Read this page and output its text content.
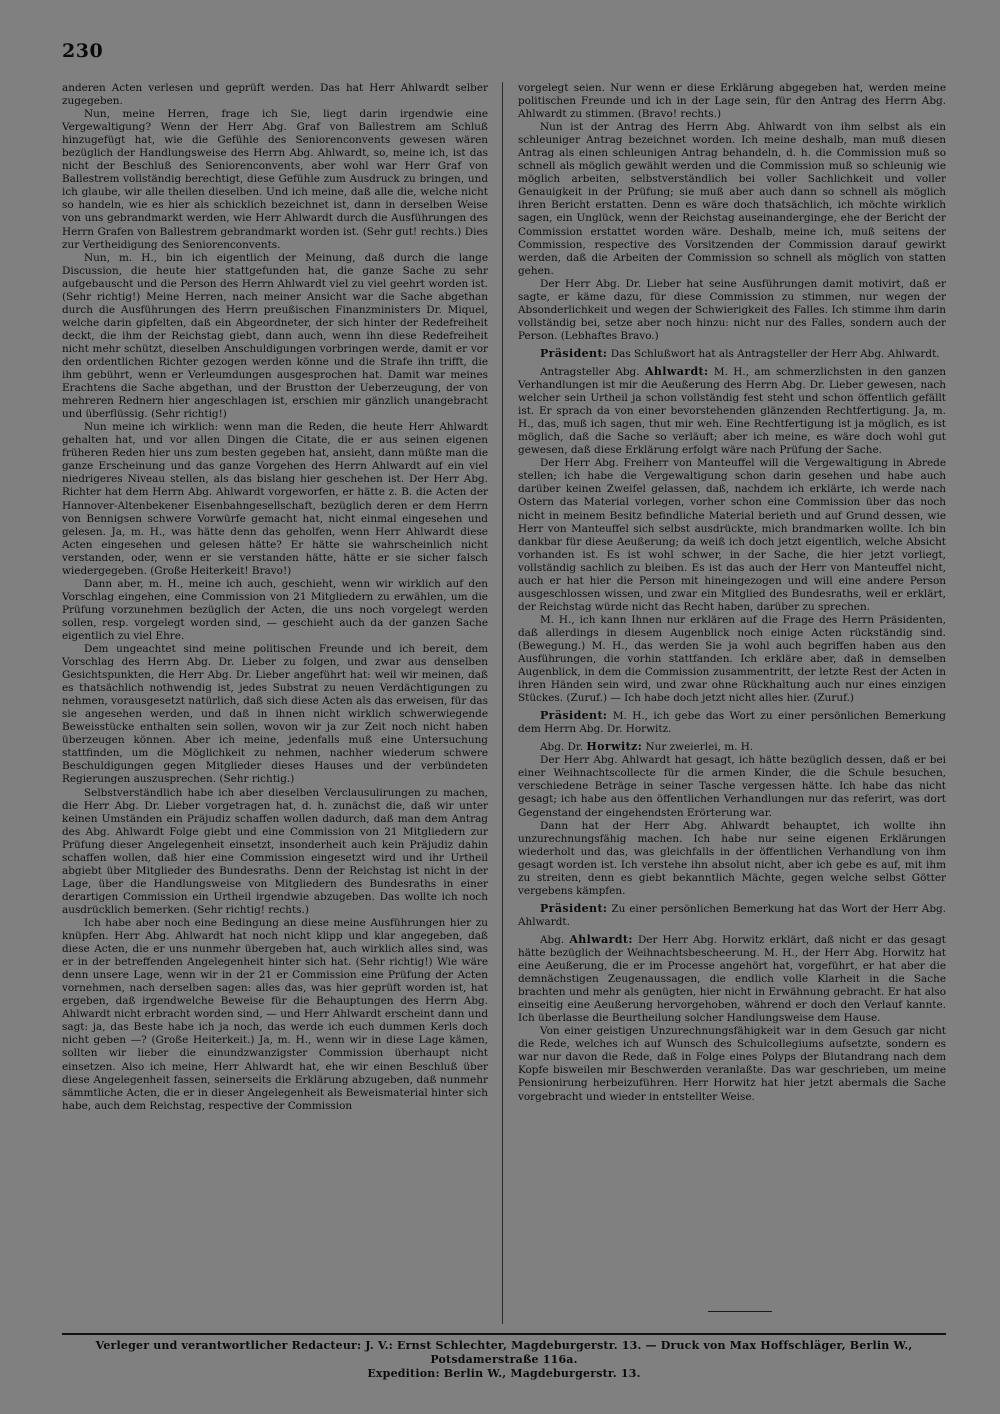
230

anderen Acten verlesen und geprüft werden. Das hat Herr Ahlwardt selber zugegeben.

Nun, meine Herren, frage ich Sie, liegt darin irgendwie eine Vergewaltigung? Wenn der Herr Abg. Graf von Ballestrem am Schluß hinzugefügt hat, wie die Gefühle des Seniorenconvents gewesen wären bezüglich der Handlungsweise des Herrn Abg. Ahlwardt, so, meine ich, ist das nicht der Beschluß des Seniorenconvents, aber wohl war Herr Graf von Ballestrem vollständig berechtigt, diese Gefühle zum Ausdruck zu bringen, und ich glaube, wir alle theilen dieselben. Und ich meine, daß alle die, welche nicht so handeln, wie es hier als schicklich bezeichnet ist, dann in derselben Weise von uns gebrandmarkt werden, wie Herr Ahlwardt durch die Ausführungen des Herrn Grafen von Ballestrem gebrandmarkt worden ist. (Sehr gut! rechts.) Dies zur Vertheidigung des Seniorenconvents.

Nun, m. H., bin ich eigentlich der Meinung, daß durch die lange Discussion, die heute hier stattgefunden hat, die ganze Sache zu sehr aufgebauscht und die Person des Herrn Ahlwardt viel zu viel geehrt worden ist. (Sehr richtig!) Meine Herren, nach meiner Ansicht war die Sache abgethan durch die Ausführungen des Herrn preußischen Finanzministers Dr. Miquel, welche darin gipfelten, daß ein Abgeordneter, der sich hinter der Redefreiheit deckt, die ihm der Reichstag giebt, dann auch, wenn ihn diese Redefreiheit nicht mehr schützt, dieselben Anschuldigungen vorbringen werde, damit er vor den ordentlichen Richter gezogen werden könne und die Strafe ihn trifft, die ihm gebührt, wenn er Verleumdungen ausgesprochen hat. Damit war meines Erachtens die Sache abgethan, und der Brustton der Ueberzeugung, der von mehreren Rednern hier angeschlagen ist, erschien mir gänzlich unangebracht und überflüssig. (Sehr richtig!)

Nun meine ich wirklich: wenn man die Reden, die heute Herr Ahlwardt gehalten hat, und vor allen Dingen die Citate, die er aus seinen eigenen früheren Reden hier uns zum besten gegeben hat, ansieht, dann müßte man die ganze Erscheinung und das ganze Vorgehen des Herrn Ahlwardt auf ein viel niedrigeres Niveau stellen, als das bislang hier geschehen ist. Der Herr Abg. Richter hat dem Herrn Abg. Ahlwardt vorgeworfen, er hätte z. B. die Acten der Hannover-Altenbekener Eisenbahngesellschaft, bezüglich deren er dem Herrn von Bennigsen schwere Vorwürfe gemacht hat, nicht einmal eingesehen und gelesen. Ja, m. H., was hätte denn das geholfen, wenn Herr Ahlwardt diese Acten eingesehen und gelesen hätte? Er hätte sie wahrscheinlich nicht verstanden, oder, wenn er sie verstanden hätte, hätte er sie sicher falsch wiedergegeben. (Große Heiterkeit! Bravo!)

Dann aber, m. H., meine ich auch, geschieht, wenn wir wirklich auf den Vorschlag eingehen, eine Commission von 21 Mitgliedern zu erwählen, um die Prüfung vorzunehmen bezüglich der Acten, die uns noch vorgelegt werden sollen, resp. vorgelegt worden sind, — geschieht auch da der ganzen Sache eigentlich zu viel Ehre.

Dem ungeachtet sind meine politischen Freunde und ich bereit, dem Vorschlag des Herrn Abg. Dr. Lieber zu folgen, und zwar aus denselben Gesichtspunkten, die Herr Abg. Dr. Lieber angeführt hat: weil wir meinen, daß es thatsächlich nothwendig ist, jedes Substrat zu neuen Verdächtigungen zu nehmen, vorausgesetzt natürlich, daß sich diese Acten als das erweisen, für das sie angesehen werden, und daß in ihnen nicht wirklich schwerwiegende Beweisstücke enthalten sein sollen, wovon wir ja zur Zeit noch nicht haben überzeugen können. Aber ich meine, jedenfalls muß eine Untersuchung stattfinden, um die Möglichkeit zu nehmen, nachher wiederum schwere Beschuldigungen gegen Mitglieder dieses Hauses und der verbündeten Regierungen auszusprechen. (Sehr richtig.)

Selbstverständlich habe ich aber dieselben Verclausulirungen zu machen, die Herr Abg. Dr. Lieber vorgetragen hat, d. h. zunächst die, daß wir unter keinen Umständen ein Präjudiz schaffen wollen dadurch, daß man dem Antrag des Abg. Ahlwardt Folge giebt und eine Commission von 21 Mitgliedern zur Prüfung dieser Angelegenheit einsetzt, insonderheit auch kein Präjudiz dahin schaffen wollen, daß hier eine Commission eingesetzt wird und ihr Urtheil abgiebt über Mitglieder des Bundesraths. Denn der Reichstag ist nicht in der Lage, über die Handlungsweise von Mitgliedern des Bundesraths in einer derartigen Commission ein Urtheil irgendwie abzugeben. Das wollte ich noch ausdrücklich bemerken. (Sehr richtig! rechts.)

Ich habe aber noch eine Bedingung an diese meine Ausführungen hier zu knüpfen. Herr Abg. Ahlwardt hat noch nicht klipp und klar angegeben, daß diese Acten, die er uns nunmehr übergeben hat, auch wirklich alles sind, was er in der betreffenden Angelegenheit hinter sich hat. (Sehr richtig!) Wie wäre denn unsere Lage, wenn wir in der 21 er Commission eine Prüfung der Acten vornehmen, nach derselben sagen: alles das, was hier geprüft worden ist, hat ergeben, daß irgendwelche Beweise für die Behauptungen des Herrn Abg. Ahlwardt nicht erbracht worden sind, — und Herr Ahlwardt erscheint dann und sagt: ja, das Beste habe ich ja noch, das werde ich euch dummen Kerls doch nicht geben —? (Große Heiterkeit.) Ja, m. H., wenn wir in diese Lage kämen, sollten wir lieber die einundzwanzigster Commission überhaupt nicht einsetzen. Also ich meine, Herr Ahlwardt hat, ehe wir einen Beschluß über diese Angelegenheit fassen, seinerseits die Erklärung abzugeben, daß nunmehr sämmtliche Acten, die er in dieser Angelegenheit als Beweismaterial hinter sich habe, auch dem Reichstag, respective der Commission

vorgelegt seien. Nur wenn er diese Erklärung abgegeben hat, werden meine politischen Freunde und ich in der Lage sein, für den Antrag des Herrn Abg. Ahlwardt zu stimmen. (Bravo! rechts.)

Nun ist der Antrag des Herrn Abg. Ahlwardt von ihm selbst als ein schleuniger Antrag bezeichnet worden. Ich meine deshalb, man muß diesen Antrag als einen schleunigen Antrag behandeln, d. h. die Commission muß so schnell als möglich gewählt werden und die Commission muß so schleunig wie möglich arbeiten, selbstverständlich bei voller Sachlichkeit und voller Genauigkeit in der Prüfung; sie muß aber auch dann so schnell als möglich ihren Bericht erstatten. Denn es wäre doch thatsächlich, ich möchte wirklich sagen, ein Unglück, wenn der Reichstag auseinanderginge, ehe der Bericht der Commission erstattet worden wäre. Deshalb, meine ich, muß seitens der Commission, respective des Vorsitzenden der Commission darauf gewirkt werden, daß die Arbeiten der Commission so schnell als möglich von statten gehen.

Der Herr Abg. Dr. Lieber hat seine Ausführungen damit motivirt, daß er sagte, er käme dazu, für diese Commission zu stimmen, nur wegen der Absonderlichkeit und wegen der Schwierigkeit des Falles. Ich stimme ihm darin vollständig bei, setze aber noch hinzu: nicht nur des Falles, sondern auch der Person. (Lebhaftes Bravo.)

Präsident: Das Schlußwort hat als Antragsteller der Herr Abg. Ahlwardt.

Antragsteller Abg. Ahlwardt: M. H., am schmerzlichsten in den ganzen Verhandlungen ist mir die Aeußerung des Herrn Abg. Dr. Lieber gewesen, nach welcher sein Urtheil ja schon vollständig fest steht und schon öffentlich gefällt ist. Er sprach da von einer bevorstehenden glänzenden Rechtfertigung. Ja, m. H., das, muß ich sagen, thut mir weh. Eine Rechtfertigung ist ja möglich, es ist möglich, daß die Sache so verläuft; aber ich meine, es wäre doch wohl gut gewesen, daß diese Erklärung erfolgt wäre nach Prüfung der Sache.

Der Herr Abg. Freiherr von Manteuffel will die Vergewaltigung in Abrede stellen; ich habe die Vergewaltigung schon darin gesehen und habe auch darüber keinen Zweifel gelassen, daß, nachdem ich erklärte, ich werde nach Ostern das Material vorlegen, vorher schon eine Commission über das noch nicht in meinem Besitz befindliche Material berieth und auf Grund dessen, wie Herr von Manteuffel sich selbst ausdrückte, mich brandmarken wollte. Ich bin dankbar für diese Aeußerung; da weiß ich doch jetzt eigentlich, welche Absicht vorhanden ist. Es ist wohl schwer, in der Sache, die hier jetzt vorliegt, vollständig sachlich zu bleiben. Es ist das auch der Herr von Manteuffel nicht, auch er hat hier die Person mit hineingezogen und will eine andere Person ausgeschlossen wissen, und zwar ein Mitglied des Bundesraths, weil er erklärt, der Reichstag würde nicht das Recht haben, darüber zu sprechen.

M. H., ich kann Ihnen nur erklären auf die Frage des Herrn Präsidenten, daß allerdings in diesem Augenblick noch einige Acten rückständig sind. (Bewegung.) M. H., das werden Sie ja wohl auch begriffen haben aus den Ausführungen, die vorhin stattfanden. Ich erkläre aber, daß in demselben Augenblick, in dem die Commission zusammentritt, der letzte Rest der Acten in ihren Händen sein wird, und zwar ohne Rückhaltung auch nur eines einzigen Stückes. (Zuruf.) — Ich habe doch jetzt nicht alles hier. (Zuruf.)

Präsident: M. H., ich gebe das Wort zu einer persönlichen Bemerkung dem Herrn Abg. Dr. Horwitz.

Abg. Dr. Horwitz: Nur zweierlei, m. H.

Der Herr Abg. Ahlwardt hat gesagt, ich hätte bezüglich dessen, daß er bei einer Weihnachtscollecte für die armen Kinder, die die Schule besuchen, verschiedene Beträge in seiner Tasche vergessen hätte. Ich habe das nicht gesagt; ich habe aus den öffentlichen Verhandlungen nur das referirt, was dort Gegenstand der eingehendsten Erörterung war.

Dann hat der Herr Abg. Ahlwardt behauptet, ich wollte ihn unzurechnungsfähig machen. Ich habe nur seine eigenen Erklärungen wiederholt und das, was gleichfalls in der öffentlichen Verhandlung von ihm gesagt worden ist. Ich verstehe ihn absolut nicht, aber ich gebe es auf, mit ihm zu streiten, denn es giebt bekanntlich Mächte, gegen welche selbst Götter vergebens kämpfen.

Präsident: Zu einer persönlichen Bemerkung hat das Wort der Herr Abg. Ahlwardt.

Abg. Ahlwardt: Der Herr Abg. Horwitz erklärt, daß nicht er das gesagt hätte bezüglich der Weihnachtsbescheerung. M. H., der Herr Abg. Horwitz hat eine Aeußerung, die er im Processe angehört hat, vorgeführt, er hat aber die demnächstigen Zeugenaussagen, die endlich volle Klarheit in die Sache brachten und mehr als genügten, hier nicht in Erwähnung gebracht. Er hat also einseitig eine Aeußerung hervorgehoben, während er doch den Verlauf kannte. Ich überlasse die Beurtheilung solcher Handlungsweise dem Hause.

Von einer geistigen Unzurechnungsfähigkeit war in dem Gesuch gar nicht die Rede, welches ich auf Wunsch des Schulcollegiums aufsetzte, sondern es war nur davon die Rede, daß in Folge eines Polyps der Blutandrang nach dem Kopfe bisweilen mir Beschwerden veranlaßte. Das war geschrieben, um meine Pensionirung herbeizuführen. Herr Horwitz hat hier jetzt abermals die Sache vorgebracht und wieder in entstellter Weise.

Verleger und verantwortlicher Redacteur: J. V.: Ernst Schlechter, Magdeburgerstr. 13. — Druck von Max Hoffschläger, Berlin W., Potsdamerstraße 116a.
Expedition: Berlin W., Magdeburgerstr. 13.
